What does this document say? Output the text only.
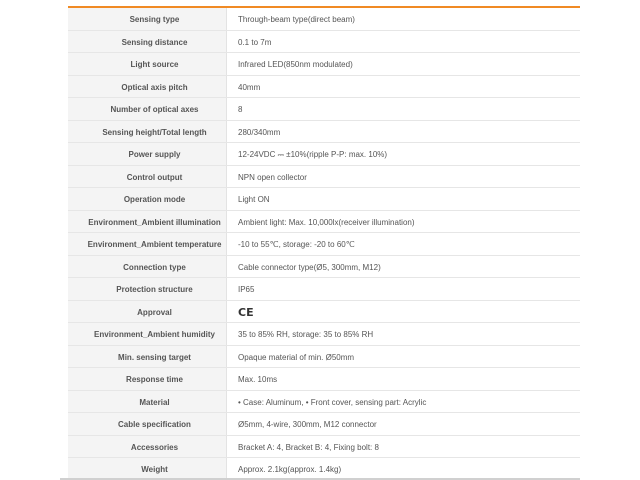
Sensing type	Through-beam type(direct beam)
Sensing distance	0.1 to 7m
Light source	Infrared LED(850nm modulated)
Optical axis pitch	40mm
Number of optical axes	8
Sensing height/Total length	280/340mm
Power supply	12-24VDC ⎓ ±10%(ripple P-P: max. 10%)
Control output	NPN open collector
Operation mode	Light ON
Environment_Ambient illumination	Ambient light: Max. 10,000lx(receiver illumination)
Environment_Ambient temperature	-10 to 55℃, storage: -20 to 60℃
Connection type	Cable connector type(Ø5, 300mm, M12)
Protection structure	IP65
Approval	CE
Environment_Ambient humidity	35 to 85% RH, storage: 35 to 85% RH
Min. sensing target	Opaque material of min. Ø50mm
Response time	Max. 10ms
Material	• Case: Aluminum, • Front cover, sensing part: Acrylic
Cable specification	Ø5mm, 4-wire, 300mm, M12 connector
Accessories	Bracket A: 4, Bracket B: 4, Fixing bolt: 8
Weight	Approx. 2.1kg(approx. 1.4kg)
